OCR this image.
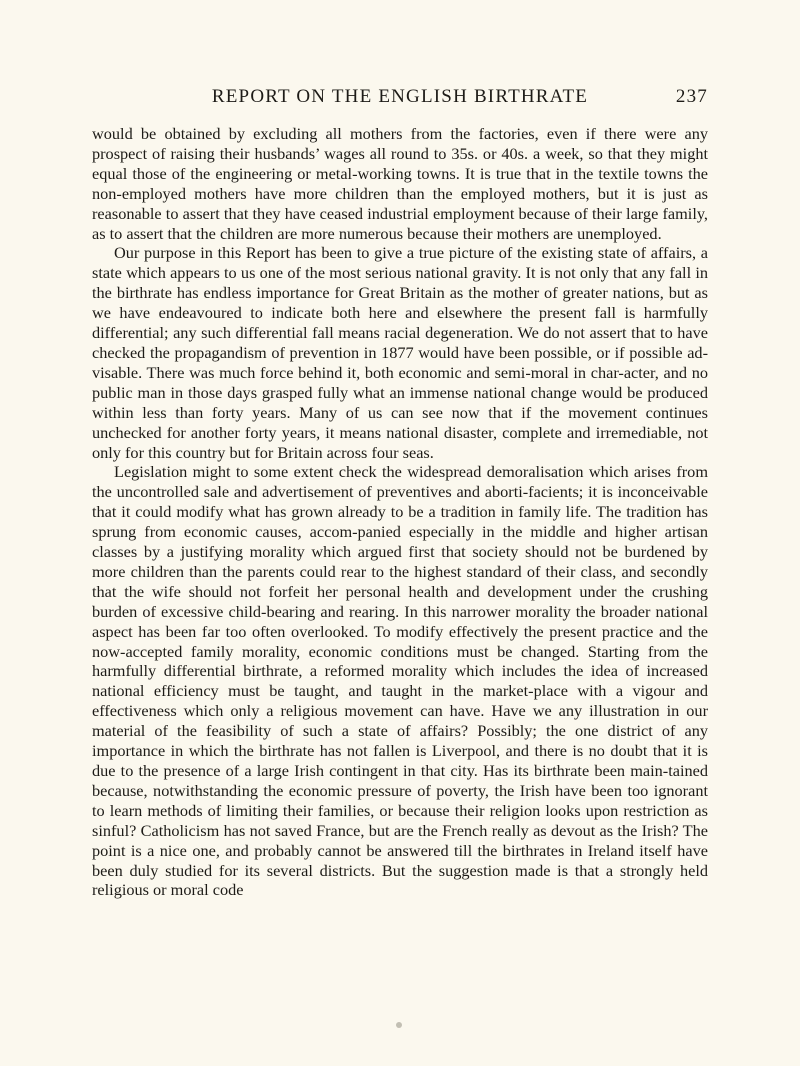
REPORT ON THE ENGLISH BIRTHRATE	237

would be obtained by excluding all mothers from the factories, even if there were any prospect of raising their husbands’ wages all round to 35s. or 40s. a week, so that they might equal those of the engineering or metal-working towns. It is true that in the textile towns the non-employed mothers have more children than the employed mothers, but it is just as reasonable to assert that they have ceased industrial employment because of their large family, as to assert that the children are more numerous because their mothers are unemployed.

Our purpose in this Report has been to give a true picture of the existing state of affairs, a state which appears to us one of the most serious national gravity. It is not only that any fall in the birthrate has endless importance for Great Britain as the mother of greater nations, but as we have endeavoured to indicate both here and elsewhere the present fall is harmfully differential; any such differential fall means racial degeneration. We do not assert that to have checked the propagandism of prevention in 1877 would have been possible, or if possible ad-visable. There was much force behind it, both economic and semi-moral in char-acter, and no public man in those days grasped fully what an immense national change would be produced within less than forty years. Many of us can see now that if the movement continues unchecked for another forty years, it means national disaster, complete and irremediable, not only for this country but for Britain across four seas.

Legislation might to some extent check the widespread demoralisation which arises from the uncontrolled sale and advertisement of preventives and aborti-facients; it is inconceivable that it could modify what has grown already to be a tradition in family life. The tradition has sprung from economic causes, accom-panied especially in the middle and higher artisan classes by a justifying morality which argued first that society should not be burdened by more children than the parents could rear to the highest standard of their class, and secondly that the wife should not forfeit her personal health and development under the crushing burden of excessive child-bearing and rearing. In this narrower morality the broader national aspect has been far too often overlooked. To modify effectively the present practice and the now-accepted family morality, economic conditions must be changed. Starting from the harmfully differential birthrate, a reformed morality which includes the idea of increased national efficiency must be taught, and taught in the market-place with a vigour and effectiveness which only a religious movement can have. Have we any illustration in our material of the feasibility of such a state of affairs? Possibly; the one district of any importance in which the birthrate has not fallen is Liverpool, and there is no doubt that it is due to the presence of a large Irish contingent in that city. Has its birthrate been main-tained because, notwithstanding the economic pressure of poverty, the Irish have been too ignorant to learn methods of limiting their families, or because their religion looks upon restriction as sinful? Catholicism has not saved France, but are the French really as devout as the Irish? The point is a nice one, and probably cannot be answered till the birthrates in Ireland itself have been duly studied for its several districts. But the suggestion made is that a strongly held religious or moral code
